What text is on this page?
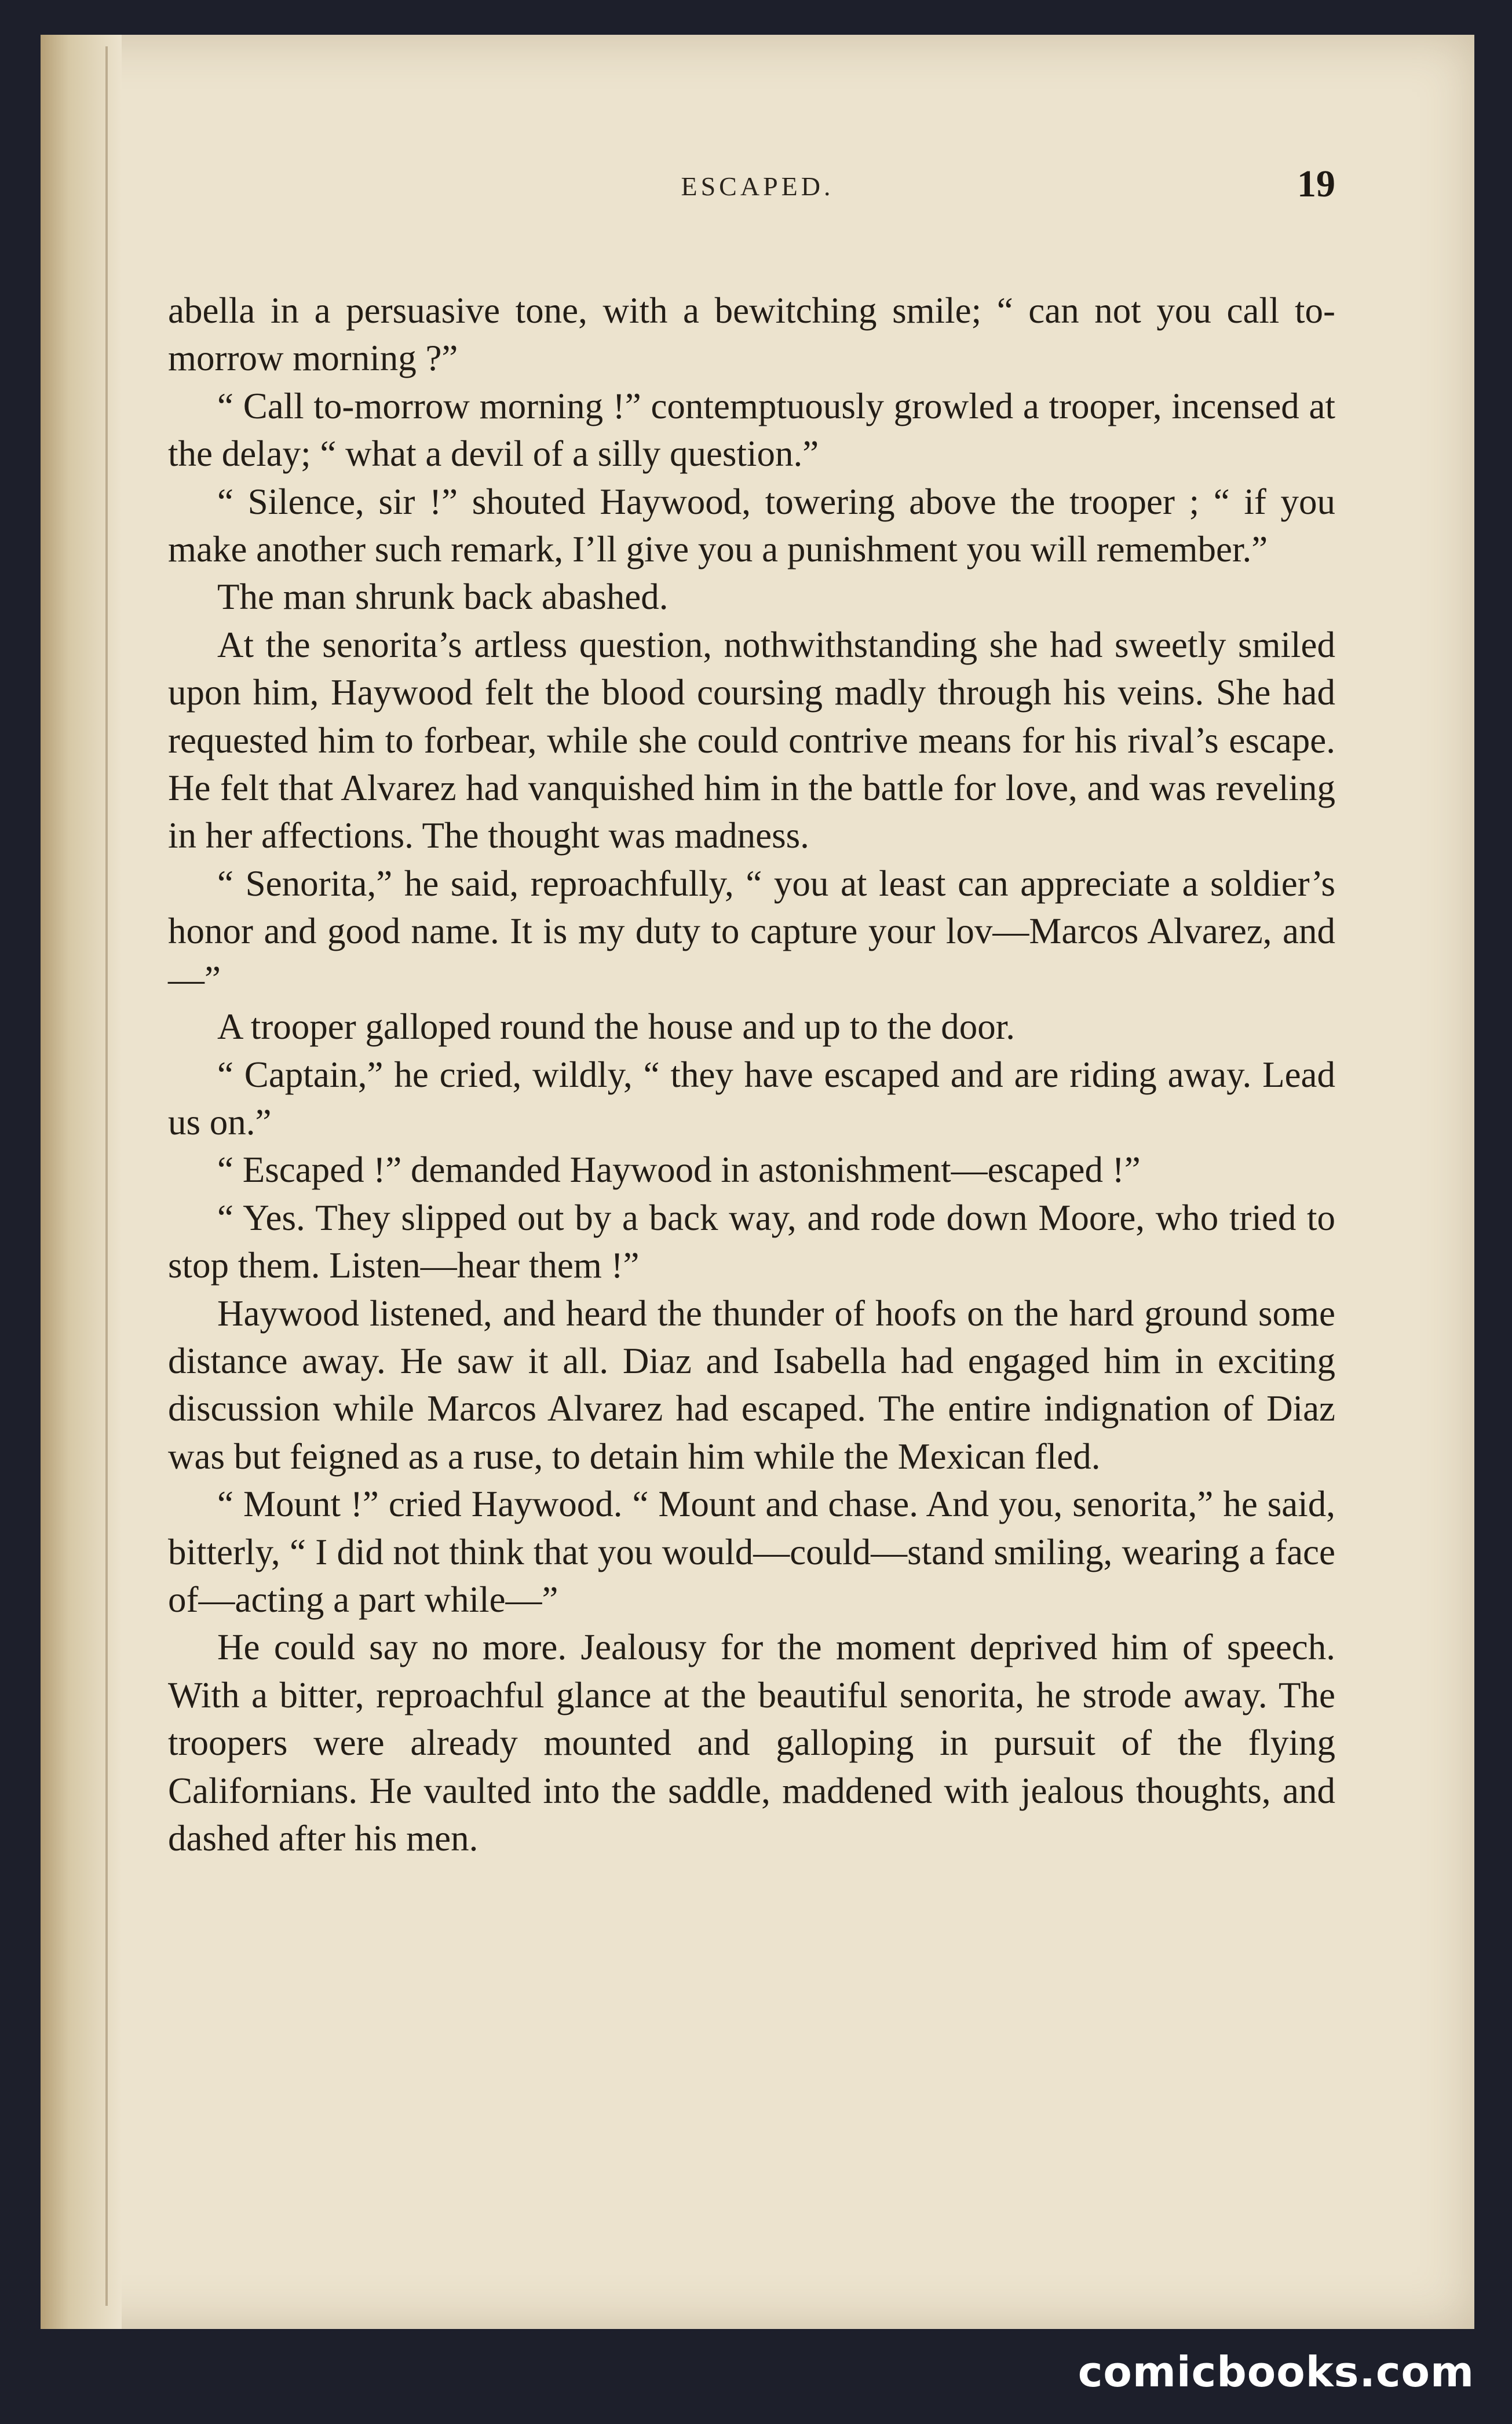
ESCAPED.	19

abella in a persuasive tone, with a bewitching smile; “ can not you call to-morrow morning ?”

“ Call to-morrow morning !” contemptuously growled a trooper, incensed at the delay; “ what a devil of a silly question.”

“ Silence, sir !” shouted Haywood, towering above the trooper ; “ if you make another such remark, I’ll give you a punishment you will remember.”

The man shrunk back abashed.

At the senorita’s artless question, nothwithstanding she had sweetly smiled upon him, Haywood felt the blood coursing madly through his veins. She had requested him to forbear, while she could contrive means for his rival’s escape. He felt that Alvarez had vanquished him in the battle for love, and was reveling in her affections. The thought was madness.

“ Senorita,” he said, reproachfully, “ you at least can appreciate a soldier’s honor and good name. It is my duty to capture your lov—Marcos Alvarez, and—”

A trooper galloped round the house and up to the door.

“ Captain,” he cried, wildly, “ they have escaped and are riding away. Lead us on.”

“ Escaped !” demanded Haywood in astonishment—escaped !”

“ Yes. They slipped out by a back way, and rode down Moore, who tried to stop them. Listen—hear them !”

Haywood listened, and heard the thunder of hoofs on the hard ground some distance away. He saw it all. Diaz and Isabella had engaged him in exciting discussion while Marcos Alvarez had escaped. The entire indignation of Diaz was but feigned as a ruse, to detain him while the Mexican fled.

“ Mount !” cried Haywood. “ Mount and chase. And you, senorita,” he said, bitterly, “ I did not think that you would—could—stand smiling, wearing a face of—acting a part while—”

He could say no more. Jealousy for the moment deprived him of speech. With a bitter, reproachful glance at the beautiful senorita, he strode away. The troopers were already mounted and galloping in pursuit of the flying Californians. He vaulted into the saddle, maddened with jealous thoughts, and dashed after his men.

comicbooks.com
